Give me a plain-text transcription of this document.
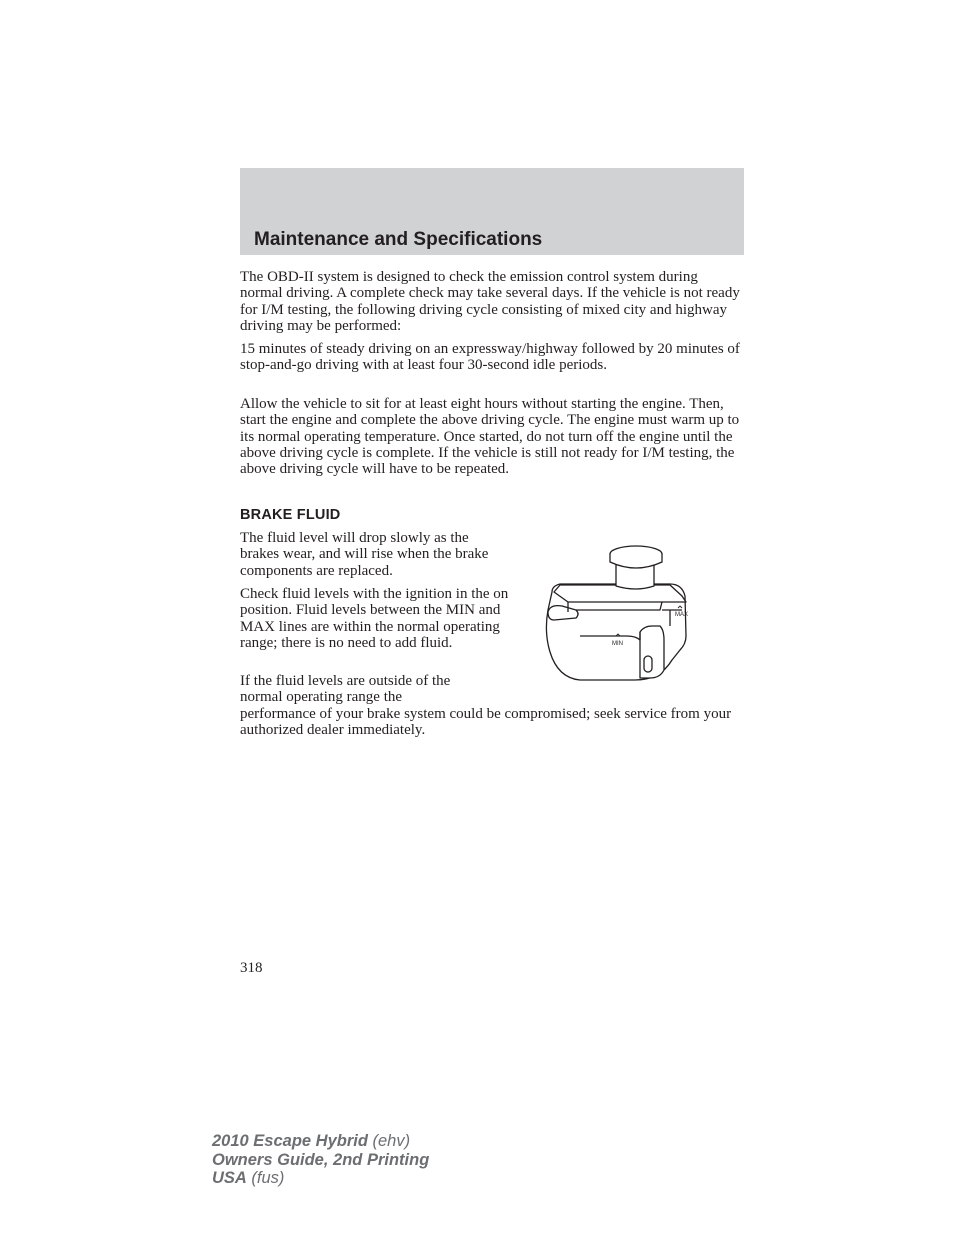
Maintenance and Specifications

The OBD-II system is designed to check the emission control system during normal driving. A complete check may take several days. If the vehicle is not ready for I/M testing, the following driving cycle consisting of mixed city and highway driving may be performed:

15 minutes of steady driving on an expressway/highway followed by 20 minutes of stop-and-go driving with at least four 30-second idle periods.

Allow the vehicle to sit for at least eight hours without starting the engine. Then, start the engine and complete the above driving cycle. The engine must warm up to its normal operating temperature. Once started, do not turn off the engine until the above driving cycle is complete. If the vehicle is still not ready for I/M testing, the above driving cycle will have to be repeated.

BRAKE FLUID

The fluid level will drop slowly as the brakes wear, and will rise when the brake components are replaced.

Check fluid levels with the ignition in the on position. Fluid levels between the MIN and MAX lines are within the normal operating range; there is no need to add fluid.

If the fluid levels are outside of the normal operating range the

performance of your brake system could be compromised; seek service from your authorized dealer immediately.

MAX
MIN
318
2010 Escape Hybrid (ehv)
Owners Guide, 2nd Printing
USA (fus)
